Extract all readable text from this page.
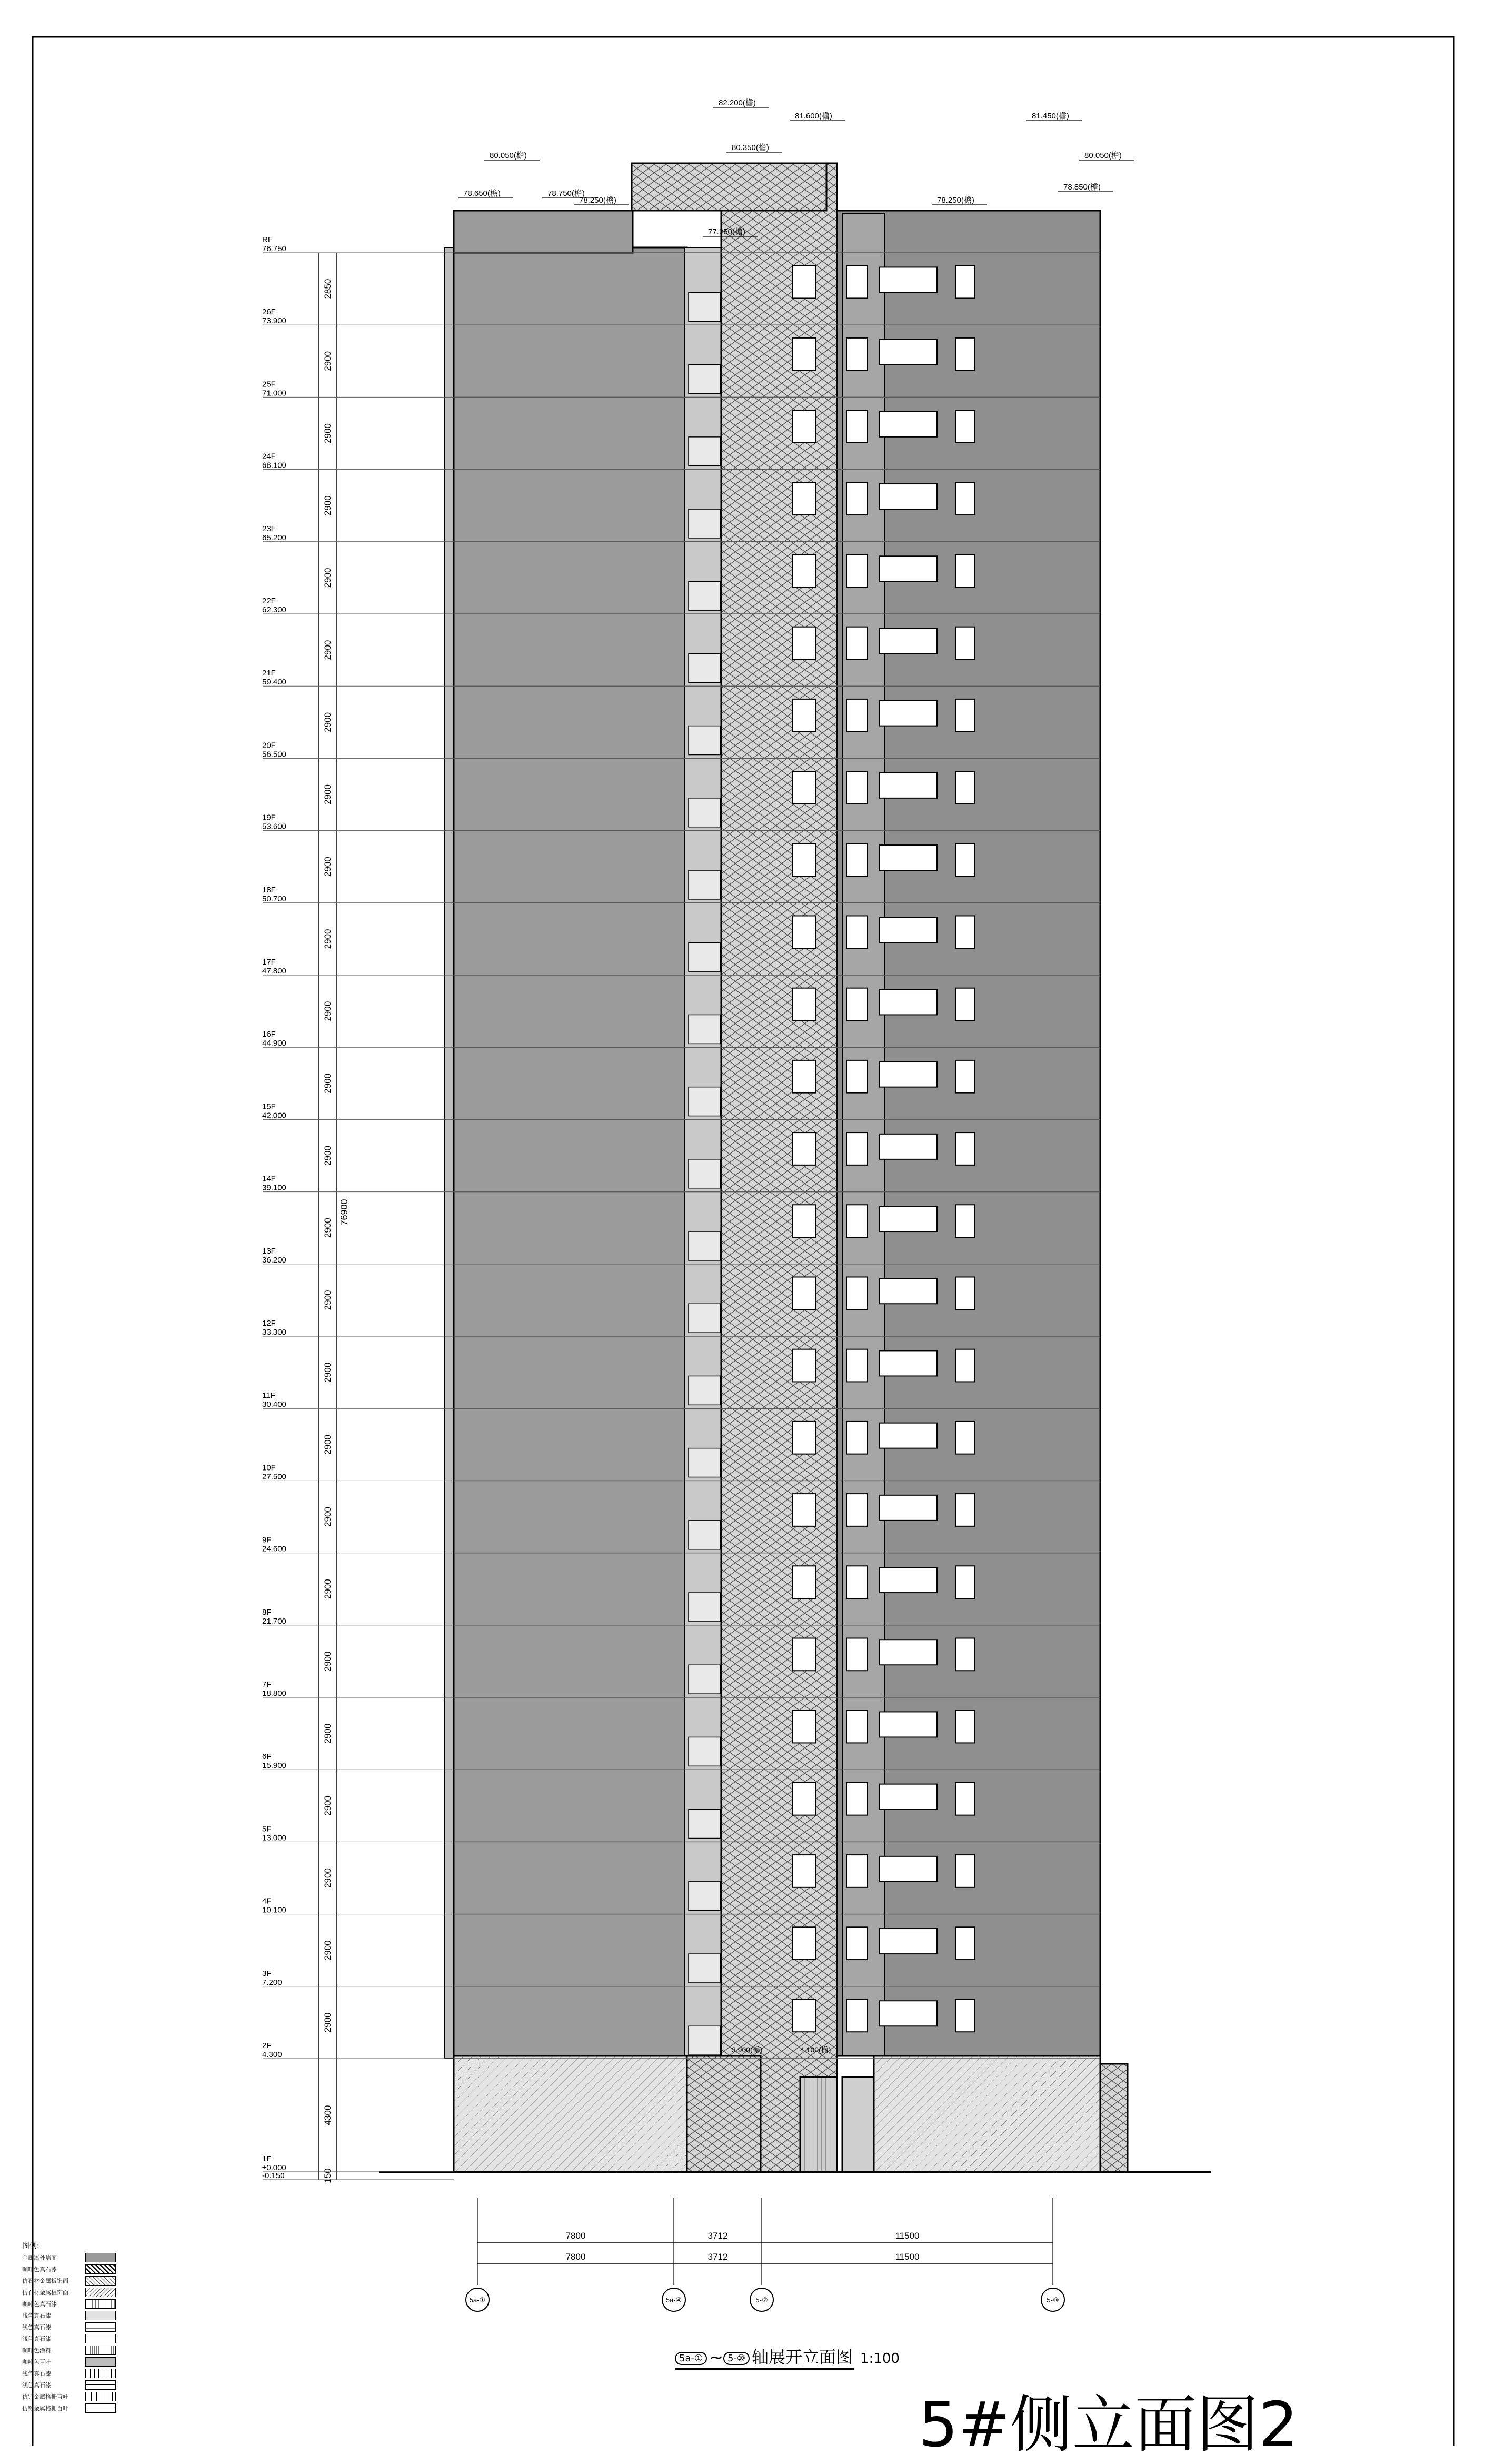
RF
76.750
2850
26F
73.900
2900
25F
71.000
2900
24F
68.100
2900
23F
65.200
2900
22F
62.300
2900
21F
59.400
2900
20F
56.500
2900
19F
53.600
2900
18F
50.700
2900
17F
47.800
2900
16F
44.900
2900
15F
42.000
2900
14F
39.100
2900
13F
36.200
2900
12F
33.300
2900
11F
30.400
2900
10F
27.500
2900
9F
24.600
2900
8F
21.700
2900
7F
18.800
2900
6F
15.900
2900
5F
13.000
2900
4F
10.100
2900
3F
7.200
2900
2F
4.300
4300
1F
±0.000
150
-0.150
76900
80.050(檐)
78.650(檐)	78.750(檐)
78.250(檐)
82.200(檐)
81.600(檐)
80.350(檐)
77.250(檐)
81.450(檐)
80.050(檐)
78.850(檐)
78.250(檐)
3.900(檐)	4.100(檐)
7800	3712	11500
7800	3712	11500
5a-①	5a-④	5-⑦	5-⑩
图例:
金属漆外墙面
咖啡色真石漆
仿石材金属板饰面
仿石材金属板饰面
咖啡色真石漆
浅色真石漆
浅色真石漆
浅色真石漆
咖啡色涂料
咖啡色百叶
浅色真石漆
浅色真石漆
仿铝金属格栅百叶
仿铝金属格栅百叶
5a-① ~ 5-⑩ 轴展开立面图 1:100
5#侧立面图2
